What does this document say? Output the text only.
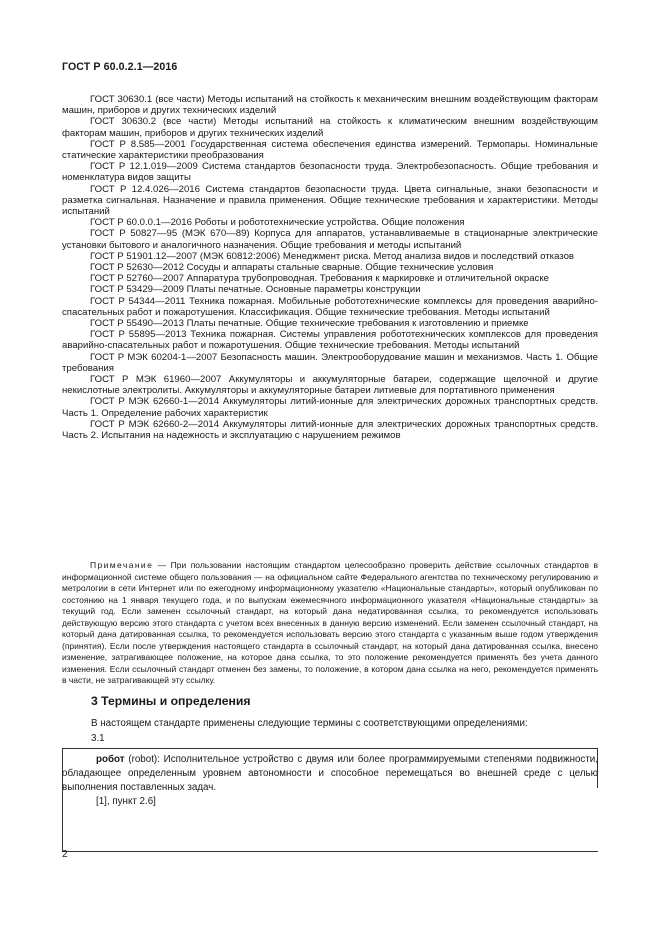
ГОСТ Р 60.0.2.1—2016

ГОСТ 30630.1 (все части) Методы испытаний на стойкость к механическим внешним воздействующим факторам машин, приборов и других технических изделий

ГОСТ 30630.2 (все части) Методы испытаний на стойкость к климатическим внешним воздействующим факторам машин, приборов и других технических изделий

ГОСТ Р 8.585—2001 Государственная система обеспечения единства измерений. Термопары. Номинальные статические характеристики преобразования

ГОСТ Р 12.1.019—2009 Система стандартов безопасности труда. Электробезопасность. Общие требования и номенклатура видов защиты

ГОСТ Р 12.4.026—2016 Система стандартов безопасности труда. Цвета сигнальные, знаки безопасности и разметка сигнальная. Назначение и правила применения. Общие технические требования и характеристики. Методы испытаний

ГОСТ Р 60.0.0.1—2016 Роботы и робототехнические устройства. Общие положения

ГОСТ Р 50827—95 (МЭК 670—89) Корпуса для аппаратов, устанавливаемые в стационарные электрические установки бытового и аналогичного назначения. Общие требования и методы испытаний

ГОСТ Р 51901.12—2007 (МЭК 60812:2006) Менеджмент риска. Метод анализа видов и последствий отказов

ГОСТ Р 52630—2012 Сосуды и аппараты стальные сварные. Общие технические условия

ГОСТ Р 52760—2007 Аппаратура трубопроводная. Требования к маркировке и отличительной окраске

ГОСТ Р 53429—2009 Платы печатные. Основные параметры конструкции

ГОСТ Р 54344—2011 Техника пожарная. Мобильные робототехнические комплексы для проведения аварийно-спасательных работ и пожаротушения. Классификация. Общие технические требования. Методы испытаний

ГОСТ Р 55490—2013 Платы печатные. Общие технические требования к изготовлению и приемке

ГОСТ Р 55895—2013 Техника пожарная. Системы управления робототехнических комплексов для проведения аварийно-спасательных работ и пожаротушения. Общие технические требования. Методы испытаний

ГОСТ Р МЭК 60204-1—2007 Безопасность машин. Электрооборудование машин и механизмов. Часть 1. Общие требования

ГОСТ Р МЭК 61960—2007 Аккумуляторы и аккумуляторные батареи, содержащие щелочной и другие некислотные электролиты. Аккумуляторы и аккумуляторные батареи литиевые для портативного применения

ГОСТ Р МЭК 62660-1—2014 Аккумуляторы литий-ионные для электрических дорожных транспортных средств. Часть 1. Определение рабочих характеристик

ГОСТ Р МЭК 62660-2—2014 Аккумуляторы литий-ионные для электрических дорожных транспортных средств. Часть 2. Испытания на надежность и эксплуатацию с нарушением режимов

Примечание — При пользовании настоящим стандартом целесообразно проверить действие ссылочных стандартов в информационной системе общего пользования — на официальном сайте Федерального агентства по техническому регулированию и метрологии в сети Интернет или по ежегодному информационному указателю «Национальные стандарты», который опубликован по состоянию на 1 января текущего года, и по выпускам ежемесячного информационного указателя «Национальные стандарты» за текущий год. Если заменен ссылочный стандарт, на который дана недатированная ссылка, то рекомендуется использовать действующую версию этого стандарта с учетом всех внесенных в данную версию изменений. Если заменен ссылочный стандарт, на который дана датированная ссылка, то рекомендуется использовать версию этого стандарта с указанным выше годом утверждения (принятия). Если после утверждения настоящего стандарта в ссылочный стандарт, на который дана датированная ссылка, внесено изменение, затрагивающее положение, на которое дана ссылка, то это положение рекомендуется применять без учета данного изменения. Если ссылочный стандарт отменен без замены, то положение, в котором дана ссылка на него, рекомендуется применять в части, не затрагивающей эту ссылку.

3 Термины и определения
В настоящем стандарте применены следующие термины с соответствующими определениями:
3.1

робот (robot): Исполнительное устройство с двумя или более программируемыми степенями подвижности, обладающее определенным уровнем автономности и способное перемещаться во внешней среде с целью выполнения поставленных задач.

[1], пункт 2.6]

2
